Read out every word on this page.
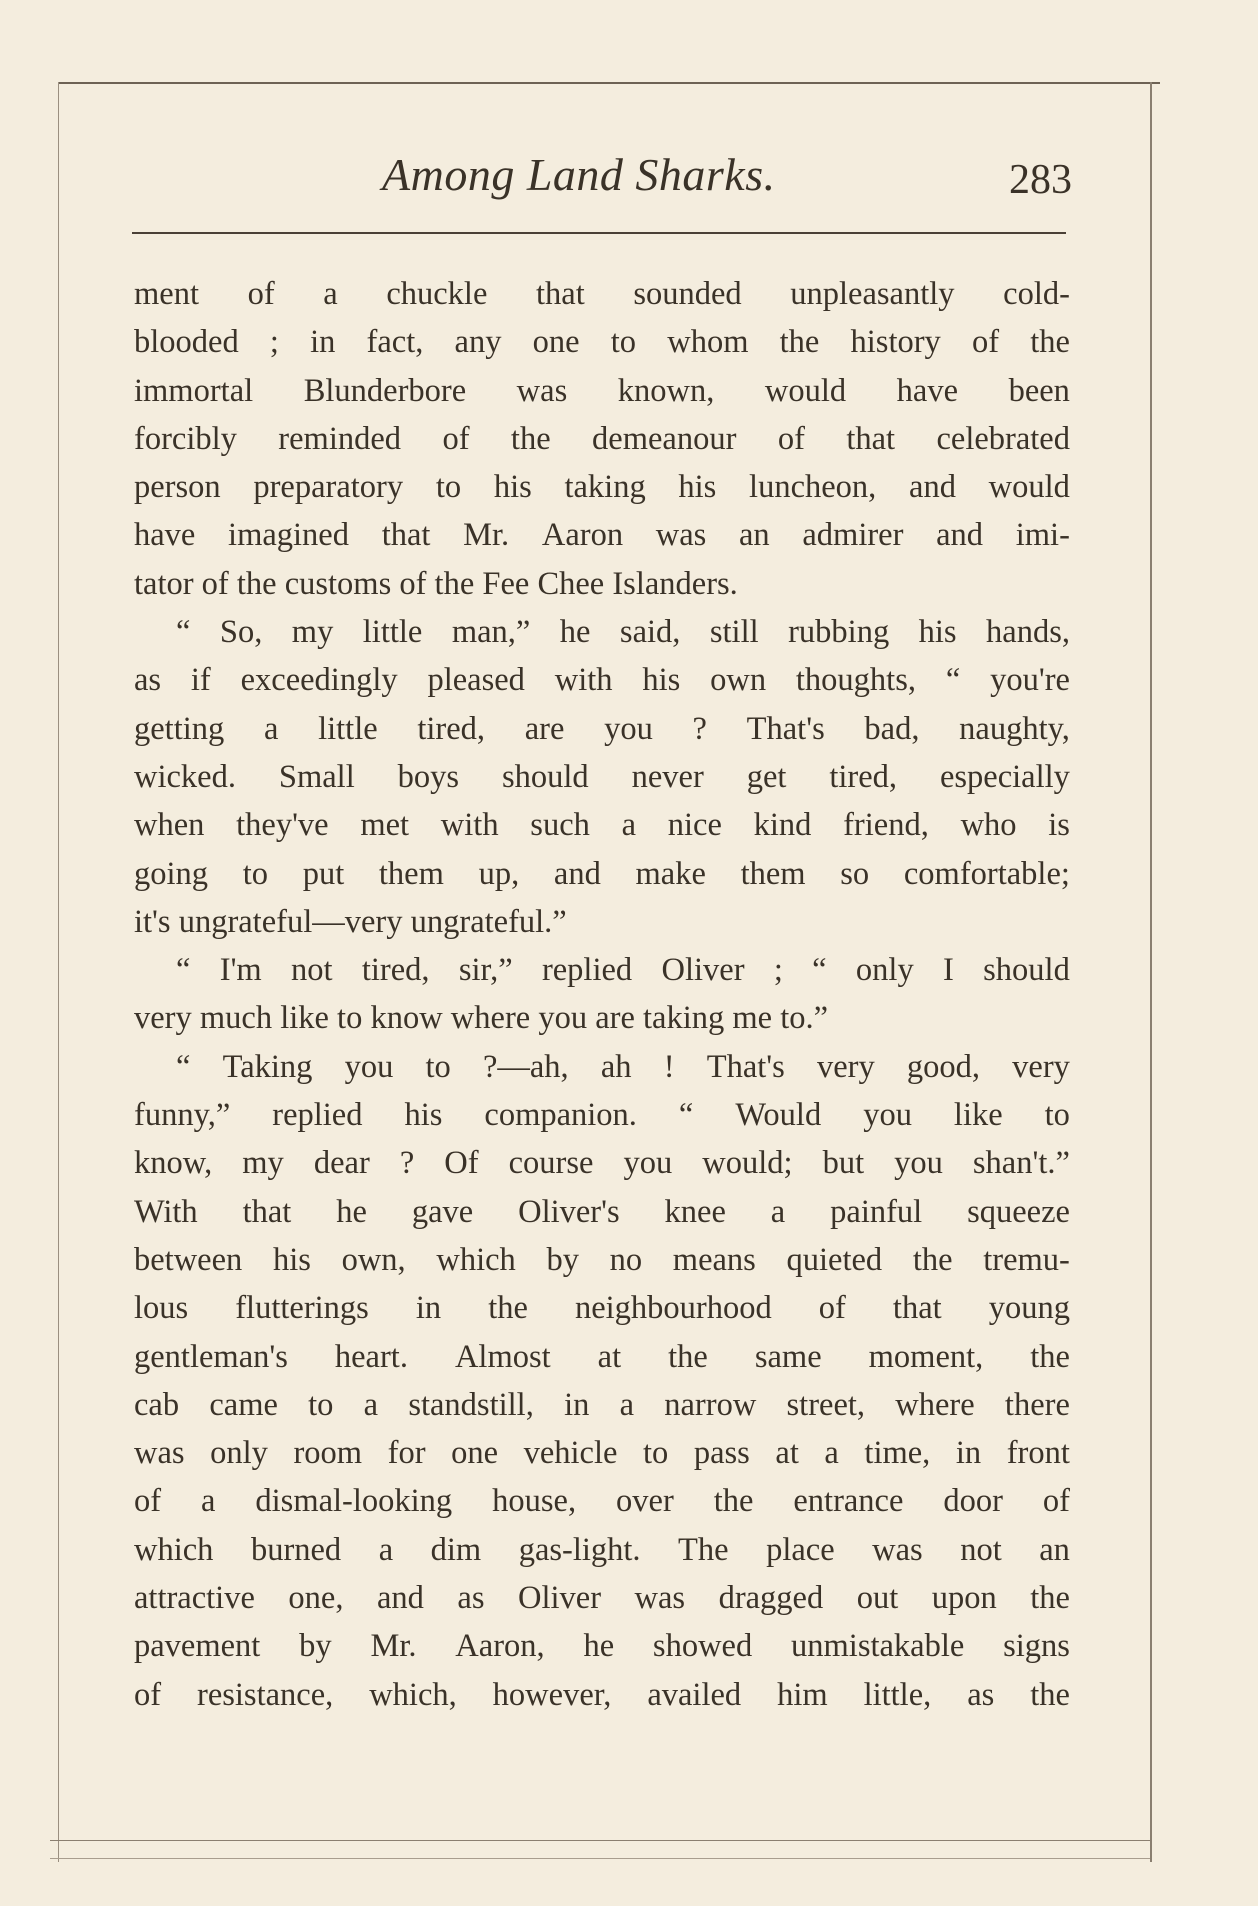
Among Land Sharks.	283
ment of a chuckle that sounded unpleasantly cold-
blooded ; in fact, any one to whom the history of the
immortal Blunderbore was known, would have been
forcibly reminded of the demeanour of that celebrated
person preparatory to his taking his luncheon, and would
have imagined that Mr. Aaron was an admirer and imi-
tator of the customs of the Fee Chee Islanders.
“ So, my little man,” he said, still rubbing his hands,
as if exceedingly pleased with his own thoughts, “ you're
getting a little tired, are you ? That's bad, naughty,
wicked. Small boys should never get tired, especially
when they've met with such a nice kind friend, who is
going to put them up, and make them so comfortable;
it's ungrateful—very ungrateful.”
“ I'm not tired, sir,” replied Oliver ; “ only I should
very much like to know where you are taking me to.”
“ Taking you to ?—ah, ah ! That's very good, very
funny,” replied his companion. “ Would you like to
know, my dear ? Of course you would; but you shan't.”
With that he gave Oliver's knee a painful squeeze
between his own, which by no means quieted the tremu-
lous flutterings in the neighbourhood of that young
gentleman's heart. Almost at the same moment, the
cab came to a standstill, in a narrow street, where there
was only room for one vehicle to pass at a time, in front
of a dismal-looking house, over the entrance door of
which burned a dim gas-light. The place was not an
attractive one, and as Oliver was dragged out upon the
pavement by Mr. Aaron, he showed unmistakable signs
of resistance, which, however, availed him little, as the
